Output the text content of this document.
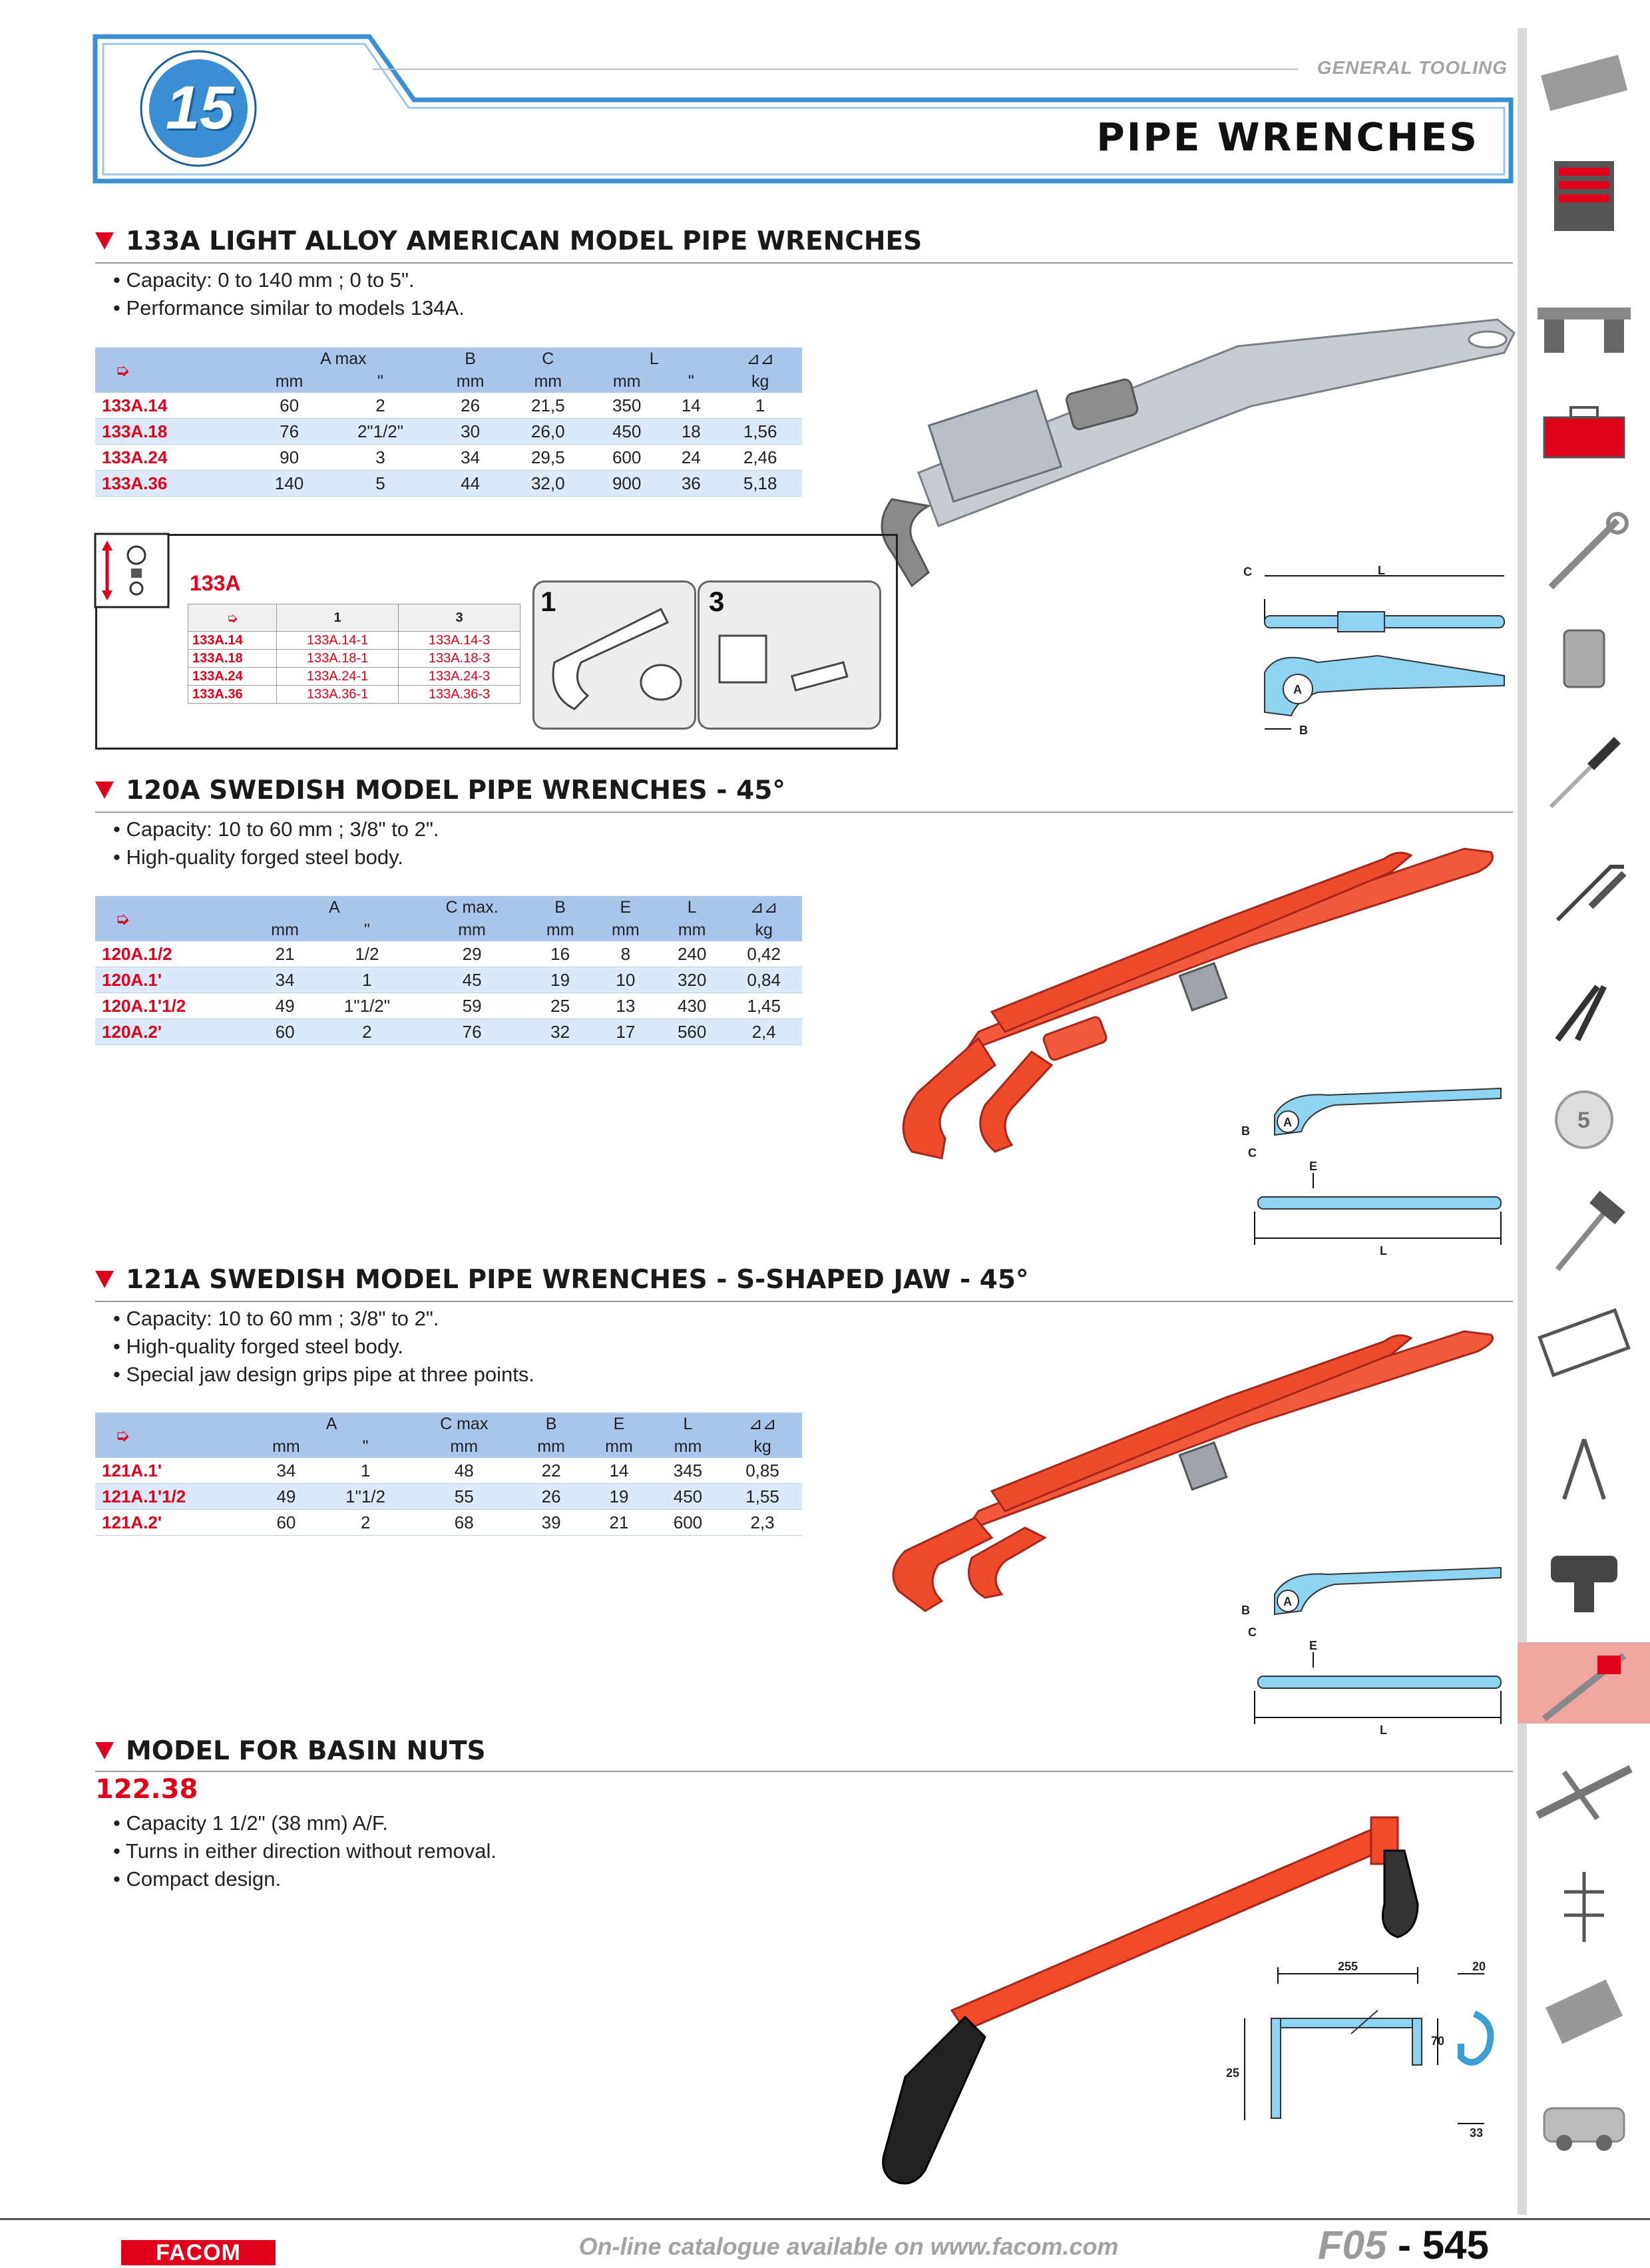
15
GENERAL TOOLING
PIPE WRENCHES
5
133A LIGHT ALLOY AMERICAN MODEL PIPE WRENCHES
• Capacity: 0 to 140 mm ; 0 to 5".
• Performance similar to models 134A.
➭	A max		B	C	L		⊿⊿
	mm	"	mm	mm	mm	"	kg
133A.14	60	2	26	21,5	350	14	1
133A.18	76	2"1/2"	30	26,0	450	18	1,56
133A.24	90	3	34	29,5	600	24	2,46
133A.36	140	5	44	32,0	900	36	5,18
L
C
A
B
133A
➭	1	3
133A.14	133A.14-1	133A.14-3
133A.18	133A.18-1	133A.18-3
133A.24	133A.24-1	133A.24-3
133A.36	133A.36-1	133A.36-3
1	3
120A SWEDISH MODEL PIPE WRENCHES - 45°
• Capacity: 10 to 60 mm ; 3/8" to 2".
• High-quality forged steel body.
➭	A		C max.	B	E	L	⊿⊿
	mm	"	mm	mm	mm	mm	kg
120A.1/2	21	1/2	29	16	8	240	0,42
120A.1'	34	1	45	19	10	320	0,84
120A.1'1/2	49	1"1/2"	59	25	13	430	1,45
120A.2'	60	2	76	32	17	560	2,4
A
B
C
E
L
121A SWEDISH MODEL PIPE WRENCHES - S-SHAPED JAW - 45°
• Capacity: 10 to 60 mm ; 3/8" to 2".
• High-quality forged steel body.
• Special jaw design grips pipe at three points.
➭	A		C max	B	E	L	⊿⊿
	mm	"	mm	mm	mm	mm	kg
121A.1'	34	1	48	22	14	345	0,85
121A.1'1/2	49	1"1/2	55	26	19	450	1,55
121A.2'	60	2	68	39	21	600	2,3
A
B
C
E
L
MODEL FOR BASIN NUTS
122.38
• Capacity 1 1/2" (38 mm) A/F.
• Turns in either direction without removal.
• Compact design.
255	20
25
70
33
FACOM	On-line catalogue available on www.facom.com	F05 - 545
